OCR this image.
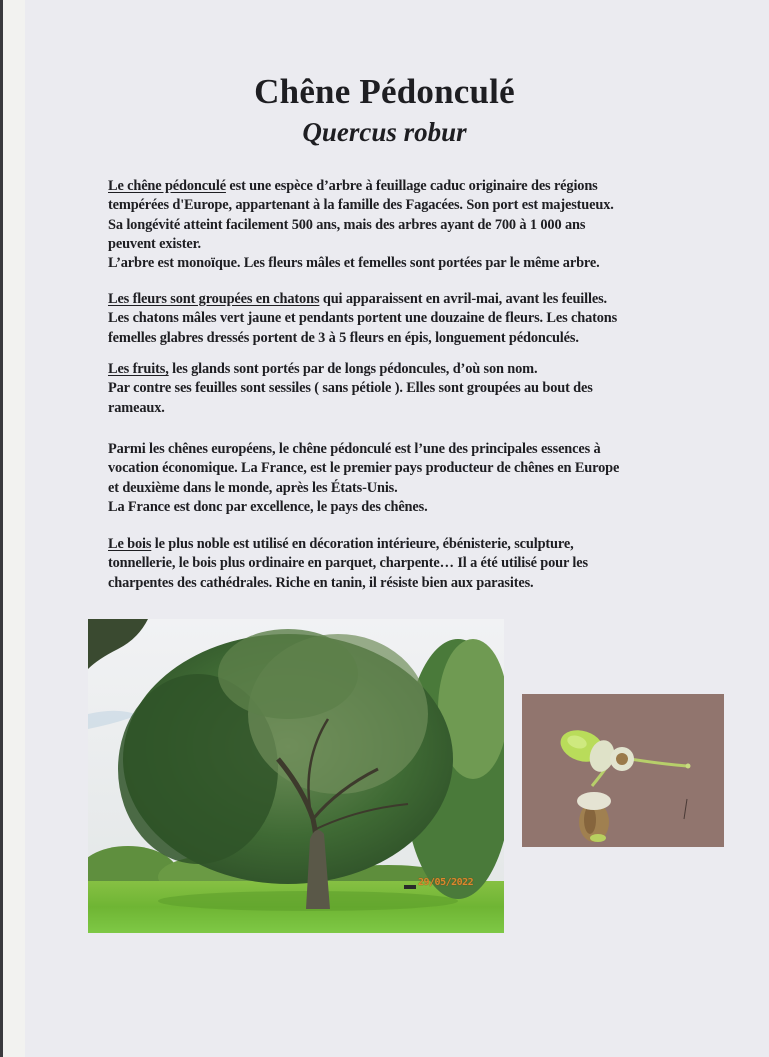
Chêne Pédonculé
Quercus robur

Le chêne pédonculé est une espèce d’arbre à feuillage caduc originaire des régions
tempérées d'Europe, appartenant à la famille des Fagacées. Son port est majestueux.
Sa longévité atteint facilement 500 ans, mais des arbres ayant de 700 à 1 000 ans
peuvent exister.
L’arbre est monoïque. Les fleurs mâles et femelles sont portées par le même arbre.

Les fleurs sont groupées en chatons qui apparaissent en avril-mai, avant les feuilles.
Les chatons mâles vert jaune et pendants portent une douzaine de fleurs. Les chatons
femelles glabres dressés portent de 3 à 5 fleurs en épis, longuement pédonculés.

Les fruits, les glands sont portés par de longs pédoncules, d’où son nom.
Par contre ses feuilles sont sessiles ( sans pétiole ). Elles sont groupées au bout des
rameaux.

Parmi les chênes européens, le chêne pédonculé est l’une des principales essences à
vocation économique. La France, est le premier pays producteur de chênes en Europe
et deuxième dans le monde, après les États-Unis.
La France est donc par excellence, le pays des chênes.

Le bois le plus noble est utilisé en décoration intérieure, ébénisterie, sculpture,
tonnellerie, le bois plus ordinaire en parquet, charpente… Il a été utilisé pour les
charpentes des cathédrales. Riche en tanin, il résiste bien aux parasites.

29/05/2022
